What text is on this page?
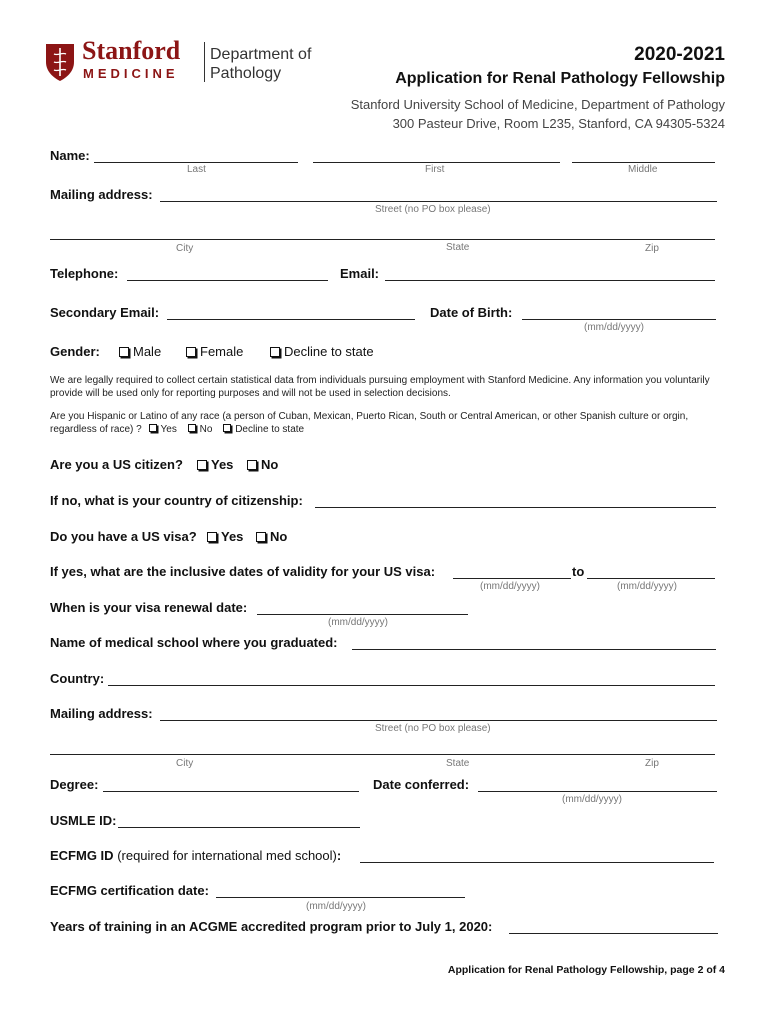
Stanford
MEDICINE
Department of
Pathology
2020-2021
Application for Renal Pathology Fellowship
Stanford University School of Medicine, Department of Pathology
300 Pasteur Drive, Room L235, Stanford, CA 94305-5324
Name:
Last	First	Middle
Mailing address:
Street (no PO box please)
City	State	Zip
Telephone:	Email:
Secondary Email:	Date of Birth:
(mm/dd/yyyy)
Gender:	Male	Female	Decline to state
We are legally required to collect certain statistical data from individuals pursuing employment with Stanford Medicine. Any information you voluntarily provide will be used only for reporting purposes and will not be used in selection decisions.
Are you Hispanic or Latino of any race (a person of Cuban, Mexican, Puerto Rican, South or Central American, or other Spanish culture or orgin, regardless of race) ? Yes No Decline to state
Are you a US citizen?	Yes	No
If no, what is your country of citizenship:
Do you have a US visa?	Yes	No
If yes, what are the inclusive dates of validity for your US visa:	to
(mm/dd/yyyy)	(mm/dd/yyyy)
When is your visa renewal date:
(mm/dd/yyyy)
Name of medical school where you graduated:
Country:
Mailing address:
Street (no PO box please)
City	State	Zip
Degree:	Date conferred:
(mm/dd/yyyy)
USMLE ID:
ECFMG ID (required for international med school):
ECFMG certification date:
(mm/dd/yyyy)
Years of training in an ACGME accredited program prior to July 1, 2020:
Application for Renal Pathology Fellowship, page 2 of 4
